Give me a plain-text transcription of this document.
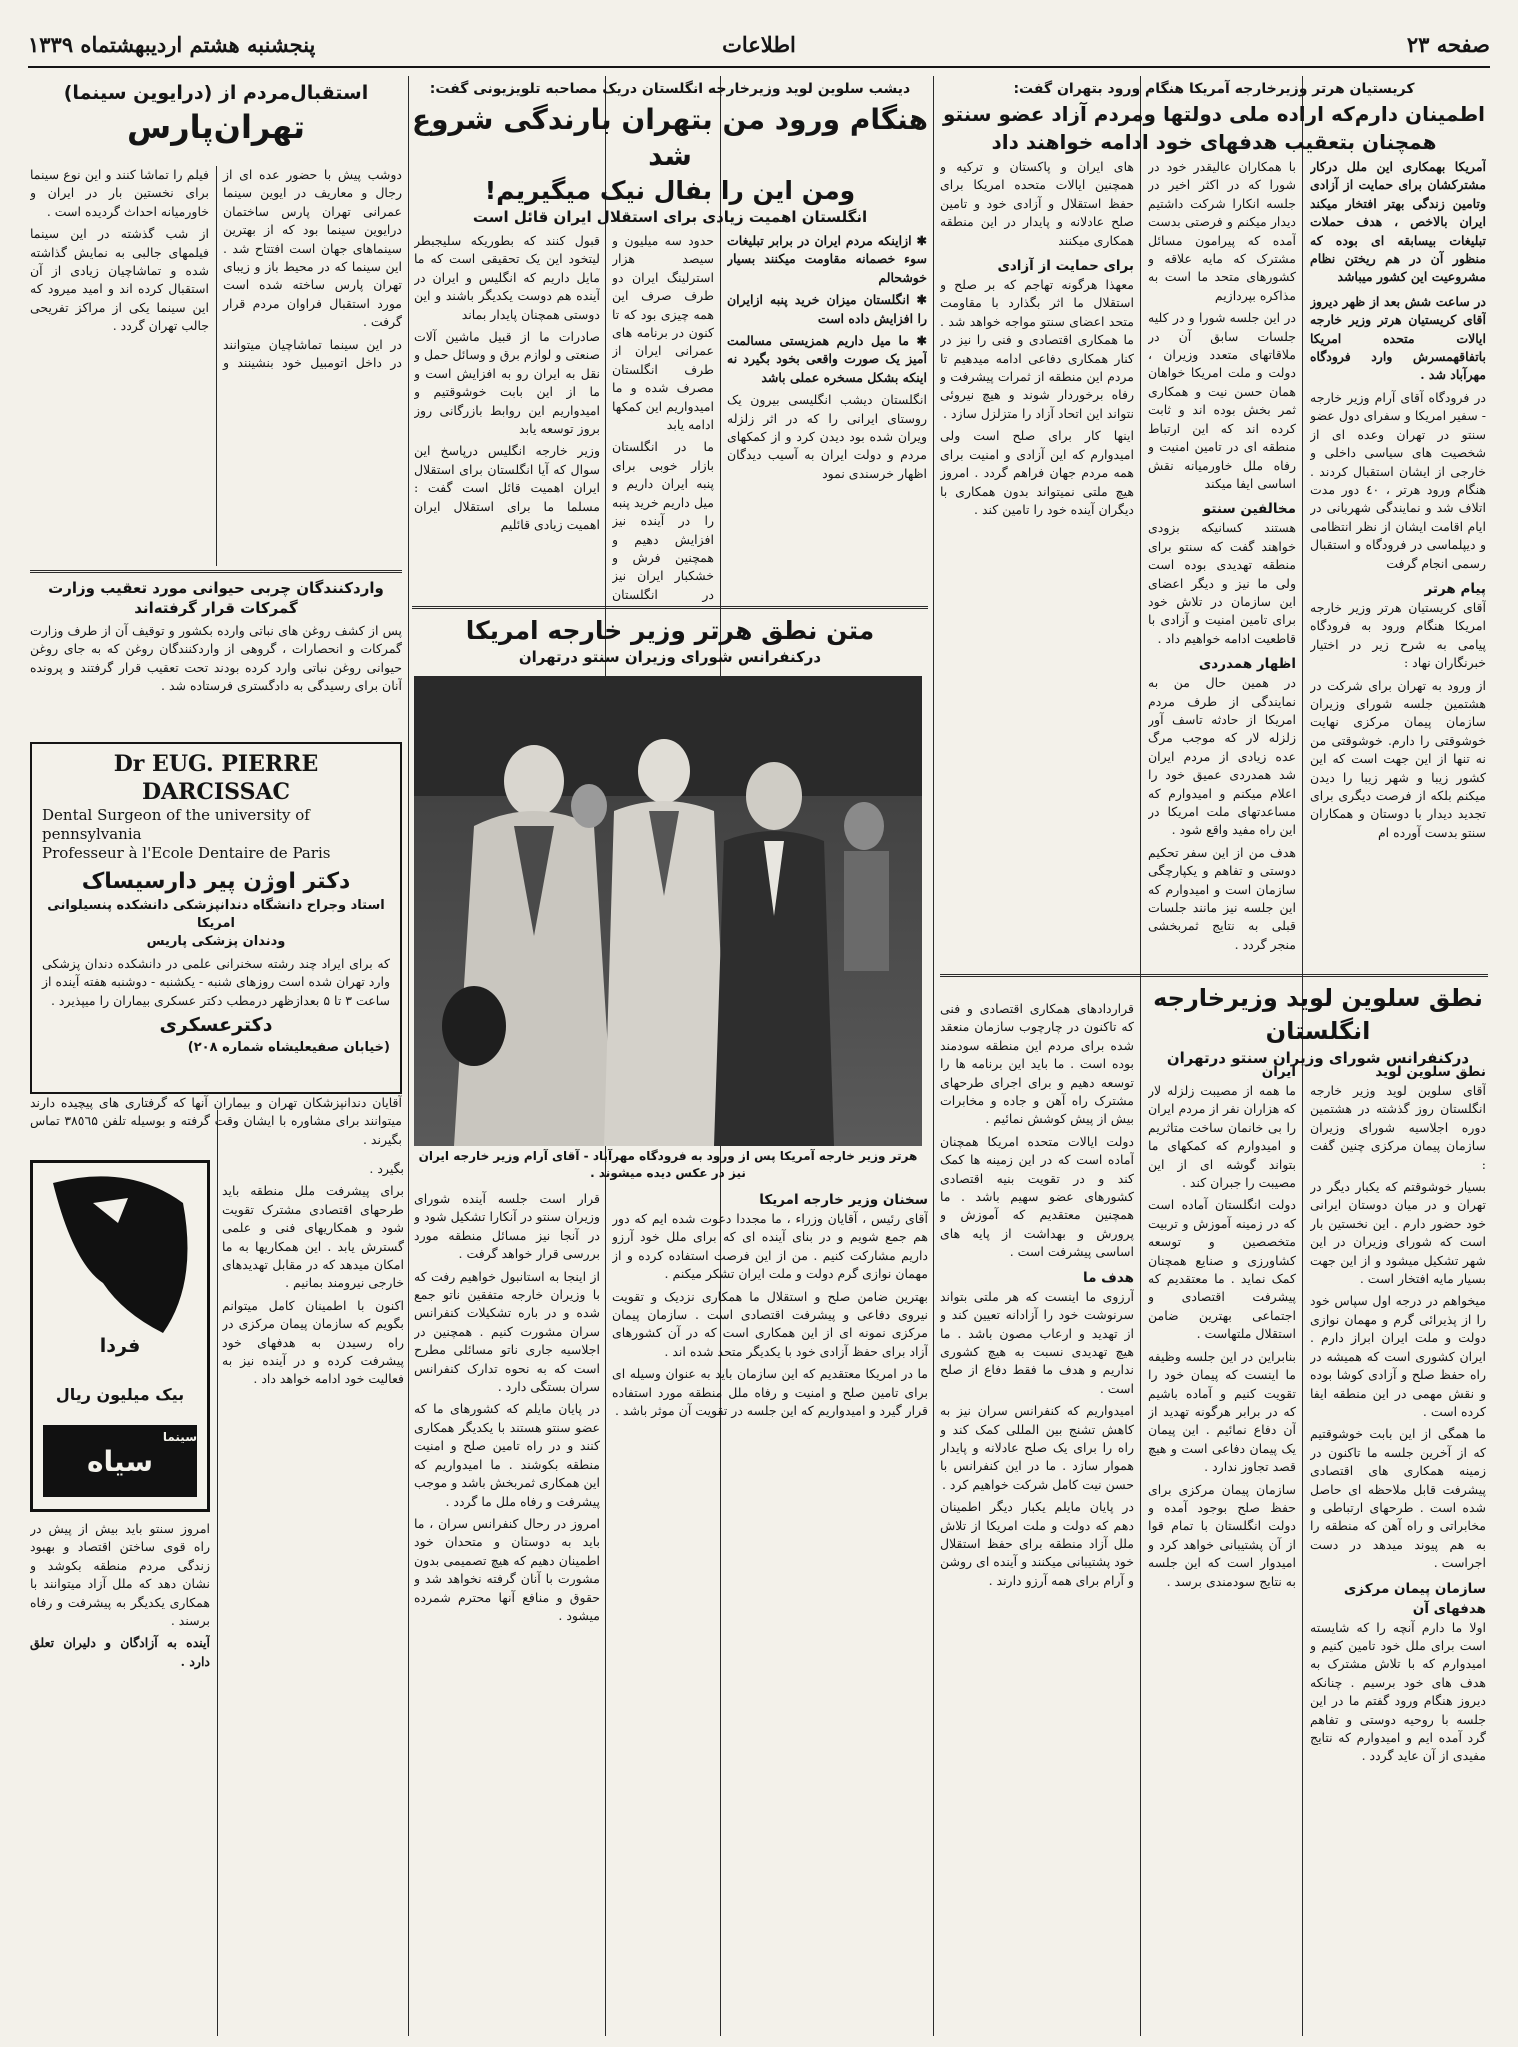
صفحه ۲۳
اطلاعات
پنجشنبه هشتم اردیبهشتماه ۱۳۳۹
کریستیان هرتر وزیرخارجه آمریکا هنگام ورود بتهران گفت:
اطمینان دارم‌که اراده ملی دولتها ومردم آزاد عضو سنتو همچنان بتعقیب هدفهای خود ادامه خواهند داد
آمریکا بهمکاری این ملل درکار مشترکشان برای حمایت از آزادی وتامین زندگی بهتر افتخار میکند ایران بالاخص ، هدف حملات تبلیغات بیسابقه ای بوده که منظور آن در هم ریختن نظام مشروعیت این کشور میباشد
در ساعت شش بعد از ظهر دیروز آقای کریستیان هرتر وزیر خارجه ایالات متحده امریکا باتفاقهمسرش وارد فرودگاه مهرآباد شد .
در فرودگاه آقای آرام وزیر خارجه - سفیر امریکا و سفرای دول عضو سنتو در تهران وعده ای از شخصیت های سیاسی داخلی و خارجی از ایشان استقبال کردند . هنگام ورود هرتر ، ٤٠ دور مدت اتلاف شد و نمایندگی شهربانی در ایام اقامت ایشان از نظر انتظامی و دیپلماسی در فرودگاه و استقبال رسمی انجام گرفت
پیام هرتر
آقای کریستیان هرتر وزیر خارجه امریکا هنگام ورود به فرودگاه پیامی به شرح زیر در اختیار خبرنگاران نهاد :
از ورود به تهران برای شرکت در هشتمین جلسه شورای وزیران سازمان پیمان مرکزی نهایت خوشوقتی را دارم. خوشوقتی من نه تنها از این جهت است که این کشور زیبا و شهر زیبا را دیدن میکنم بلکه از فرصت دیگری برای تجدید دیدار با دوستان و همکاران سنتو بدست آورده ام
با همکاران عالیقدر خود در شورا که در اکثر اخیر در جلسه انکارا شرکت داشتیم دیدار میکنم و فرصتی بدست آمده که پیرامون مسائل مشترک که مایه علاقه و کشورهای متحد ما است به مذاکره بپردازیم
در این جلسه شورا و در کلیه جلسات سابق آن در ملاقاتهای متعدد وزیران ، دولت و ملت امریکا خواهان همان حسن نیت و همکاری ثمر بخش بوده اند و ثابت کرده اند که این ارتباط منطقه ای در تامین امنیت و رفاه ملل خاورمیانه نقش اساسی ایفا میکند
مخالفین سنتو
هستند کسانیکه بزودی خواهند گفت که سنتو برای منطقه تهدیدی بوده است ولی ما نیز و دیگر اعضای این سازمان در تلاش خود برای تامین امنیت و آزادی با قاطعیت ادامه خواهیم داد .
اظهار همدردی
در همین حال من به نمایندگی از طرف مردم امریکا از حادثه تاسف آور زلزله لار که موجب مرگ عده زیادی از مردم ایران شد همدردی عمیق خود را اعلام میکنم و امیدوارم که مساعدتهای ملت امریکا در این راه مفید واقع شود .
هدف من از این سفر تحکیم دوستی و تفاهم و یکپارچگی سازمان است و امیدوارم که این جلسه نیز مانند جلسات قبلی به نتایج ثمربخشی منجر گردد .
های ایران و پاکستان و ترکیه و همچنین ایالات متحده امریکا برای حفظ استقلال و آزادی خود و تامین صلح عادلانه و پایدار در این منطقه همکاری میکنند
برای حمایت از آزادی
معهذا هرگونه تهاجم که بر صلح و استقلال ما اثر بگذارد با مقاومت متحد اعضای سنتو مواجه خواهد شد . ما همکاری اقتصادی و فنی را نیز در کنار همکاری دفاعی ادامه میدهیم تا مردم این منطقه از ثمرات پیشرفت و رفاه برخوردار شوند و هیچ نیروئی نتواند این اتحاد آزاد را متزلزل سازد .
اینها کار برای صلح است ولی امیدوارم که این آزادی و امنیت برای همه مردم جهان فراهم گردد . امروز هیچ ملتی نمیتواند بدون همکاری با دیگران آینده خود را تامین کند .
نطق سلوین لوید وزیرخارجه انگلستان
درکنفرانس شورای وزیران سنتو درتهران
نطق سلوین لوید
آقای سلوین لوید وزیر خارجه انگلستان روز گذشته در هشتمین دوره اجلاسیه شورای وزیران سازمان پیمان مرکزی چنین گفت :
بسیار خوشوقتم که یکبار دیگر در تهران و در میان دوستان ایرانی خود حضور دارم . این نخستین بار است که شورای وزیران در این شهر تشکیل میشود و از این جهت بسیار مایه افتخار است .
میخواهم در درجه اول سپاس خود را از پذیرائی گرم و مهمان نوازی دولت و ملت ایران ابراز دارم . ایران کشوری است که همیشه در راه حفظ صلح و آزادی کوشا بوده و نقش مهمی در این منطقه ایفا کرده است .
ما همگی از این بابت خوشوقتیم که از آخرین جلسه ما تاکنون در زمینه همکاری های اقتصادی پیشرفت قابل ملاحظه ای حاصل شده است . طرحهای ارتباطی و مخابراتی و راه آهن که منطقه را به هم پیوند میدهد در دست اجراست .
سازمان پیمان مرکزی
هدفهای آن
اولا ما دارم آنچه را که شایسته است برای ملل خود تامین کنیم و امیدوارم که با تلاش مشترک به هدف های خود برسیم . چنانکه دیروز هنگام ورود گفتم ما در این جلسه با روحیه دوستی و تفاهم گرد آمده ایم و امیدوارم که نتایج مفیدی از آن عاید گردد .
ایران
ما همه از مصیبت زلزله لار که هزاران نفر از مردم ایران را بی خانمان ساخت متاثریم و امیدوارم که کمکهای ما بتواند گوشه ای از این مصیبت را جبران کند .
دولت انگلستان آماده است که در زمینه آموزش و تربیت متخصصین و توسعه کشاورزی و صنایع همچنان کمک نماید . ما معتقدیم که پیشرفت اقتصادی و اجتماعی بهترین ضامن استقلال ملتهاست .
بنابراین در این جلسه وظیفه ما اینست که پیمان خود را تقویت کنیم و آماده باشیم که در برابر هرگونه تهدید از آن دفاع نمائیم . این پیمان یک پیمان دفاعی است و هیچ قصد تجاوز ندارد .
سازمان پیمان مرکزی برای حفظ صلح بوجود آمده و دولت انگلستان با تمام قوا از آن پشتیبانی خواهد کرد و امیدوار است که این جلسه به نتایج سودمندی برسد .
قراردادهای همکاری اقتصادی و فنی که تاکنون در چارچوب سازمان منعقد شده برای مردم این منطقه سودمند بوده است . ما باید این برنامه ها را توسعه دهیم و برای اجرای طرحهای مشترک راه آهن و جاده و مخابرات بیش از پیش کوشش نمائیم .
دولت ایالات متحده امریکا همچنان آماده است که در این زمینه ها کمک کند و در تقویت بنیه اقتصادی کشورهای عضو سهیم باشد . ما همچنین معتقدیم که آموزش و پرورش و بهداشت از پایه های اساسی پیشرفت است .
هدف ما
آرزوی ما اینست که هر ملتی بتواند سرنوشت خود را آزادانه تعیین کند و از تهدید و ارعاب مصون باشد . ما هیچ تهدیدی نسبت به هیچ کشوری نداریم و هدف ما فقط دفاع از صلح است .
امیدواریم که کنفرانس سران نیز به کاهش تشنج بین المللی کمک کند و راه را برای یک صلح عادلانه و پایدار هموار سازد . ما در این کنفرانس با حسن نیت کامل شرکت خواهیم کرد .
در پایان مایلم یکبار دیگر اطمینان دهم که دولت و ملت امریکا از تلاش ملل آزاد منطقه برای حفظ استقلال خود پشتیبانی میکنند و آینده ای روشن و آرام برای همه آرزو دارند .
دیشب سلوین لوید وزیرخارجه انگلستان دریک مصاحبه تلویزیونی گفت:
هنگام ورود من بتهران بارندگی شروع شد
ومن این را بفال نیک میگیریم!
انگلستان اهمیت زیادی برای استقلال ایران قائل است
✱ ازاینکه مردم ایران در برابر تبلیغات سوء خصمانه مقاومت میکنند بسیار خوشحالم
✱ انگلستان میزان خرید پنبه ازایران را افزایش داده است
✱ ما میل داریم همزیستی مسالمت آمیز یک صورت واقعی بخود بگیرد نه اینکه بشکل مسخره عملی باشد
انگلستان دیشب انگلیسی بیرون یک روستای ایرانی را که در اثر زلزله ویران شده بود دیدن کرد و از کمکهای مردم و دولت ایران به آسیب دیدگان اظهار خرسندی نمود
حدود سه میلیون و سیصد هزار استرلینگ ایران دو طرف صرف این همه چیزی بود که تا کنون در برنامه های عمرانی ایران از طرف انگلستان مصرف شده و ما امیدواریم این کمکها ادامه یابد
ما در انگلستان بازار خوبی برای پنبه ایران داریم و میل داریم خرید پنبه را در آینده نیز افزایش دهیم و همچنین فرش و خشکبار ایران نیز در انگلستان
قبول کنند که بطوریکه سلیجبطر لیتخود این یک تحقیقی است که ما مایل داریم که انگلیس و ایران در آینده هم دوست یکدیگر باشند و این دوستی همچنان پایدار بماند
صادرات ما از قبیل ماشین آلات صنعتی و لوازم برق و وسائل حمل و نقل به ایران رو به افزایش است و ما از این بابت خوشوقتیم و امیدواریم این روابط بازرگانی روز بروز توسعه یابد
وزیر خارجه انگلیس درپاسخ این سوال که آیا انگلستان برای استقلال ایران اهمیت قائل است گفت : مسلما ما برای استقلال ایران اهمیت زیادی قائلیم
متن نطق هرتر وزیر خارجه امریکا
درکنفرانس شورای وزیران سنتو درتهران
هرتر وزیر خارجه آمریکا پس از ورود به فرودگاه مهرآباد - آقای آرام وزیر خارجه ایران نیز در عکس دیده میشوند .
سخنان وزیر خارجه امریکا
آقای رئیس ، آقایان وزراء ، ما مجددا دعوت شده ایم که دور هم جمع شویم و در بنای آینده ای که برای ملل خود آرزو داریم مشارکت کنیم . من از این فرصت استفاده کرده و از مهمان نوازی گرم دولت و ملت ایران تشکر میکنم .
بهترین ضامن صلح و استقلال ما همکاری نزدیک و تقویت نیروی دفاعی و پیشرفت اقتصادی است . سازمان پیمان مرکزی نمونه ای از این همکاری است که در آن کشورهای آزاد برای حفظ آزادی خود با یکدیگر متحد شده اند .
ما در امریکا معتقدیم که این سازمان باید به عنوان وسیله ای برای تامین صلح و امنیت و رفاه ملل منطقه مورد استفاده قرار گیرد و امیدواریم که این جلسه در تقویت آن موثر باشد .
قرار است جلسه آینده شورای وزیران سنتو در آنکارا تشکیل شود و در آنجا نیز مسائل منطقه مورد بررسی قرار خواهد گرفت .
از اینجا به استانبول خواهیم رفت که با وزیران خارجه متفقین ناتو جمع شده و در باره تشکیلات کنفرانس سران مشورت کنیم . همچنین در اجلاسیه جاری ناتو مسائلی مطرح است که به نحوه تدارک کنفرانس سران بستگی دارد .
در پایان مایلم که کشورهای ما که عضو سنتو هستند با یکدیگر همکاری کنند و در راه تامین صلح و امنیت منطقه بکوشند . ما امیدواریم که این همکاری ثمربخش باشد و موجب پیشرفت و رفاه ملل ما گردد .
امروز در رحال کنفرانس سران ، ما باید به دوستان و متحدان خود اطمینان دهیم که هیچ تصمیمی بدون مشورت با آنان گرفته نخواهد شد و حقوق و منافع آنها محترم شمرده میشود .
استقبال‌مردم از (درایوین سینما)
تهران‌پارس
دوشب پیش با حضور عده ای از رجال و معاریف در ایوین سینما عمرانی تهران پارس ساختمان درایوین سینما بود که از بهترین سینماهای جهان است افتتاح شد . این سینما که در محیط باز و زیبای تهران پارس ساخته شده است مورد استقبال فراوان مردم قرار گرفت .
در این سینما تماشاچیان میتوانند در داخل اتومبیل خود بنشینند و فیلم را تماشا کنند و این نوع سینما برای نخستین بار در ایران و خاورمیانه احداث گردیده است .
از شب گذشته در این سینما فیلمهای جالبی به نمایش گذاشته شده و تماشاچیان زیادی از آن استقبال کرده اند و امید میرود که این سینما یکی از مراکز تفریحی جالب تهران گردد .
واردکنندگان چربی حیوانی مورد تعقیب وزارت گمرکات قرار گرفته‌اند
پس از کشف روغن های نباتی وارده بکشور و توقیف آن از طرف وزارت گمرکات و انحصارات ، گروهی از واردکنندگان روغن که به جای روغن حیوانی روغن نباتی وارد کرده بودند تحت تعقیب قرار گرفتند و پرونده آنان برای رسیدگی به دادگستری فرستاده شد .
Dr EUG. PIERRE DARCISSAC
Dental Surgeon of the university of pennsylvania
Professeur à l'Ecole Dentaire de Paris
دکتر اوژن پیر دارسیساک
استاد وجراح دانشگاه دندانپزشکی دانشکده پنسیلوانی امریکا
ودندان پزشکی پاریس
که برای ایراد چند رشته سخنرانی علمی در دانشکده دندان پزشکی وارد تهران شده است روزهای شنبه - یکشنبه - دوشنبه هفته آینده از ساعت ۳ تا ۵ بعدازظهر درمطب دکتر عسکری بیماران را میپذیرد .
دکترعسکری
(خیابان صفیعلیشاه شماره ۲۰۸)
آقایان دندانپزشکان تهران و بیماران آنها که گرفتاری های پیچیده دارند میتوانند برای مشاوره با ایشان وقت گرفته و بوسیله تلفن ۳۸٥٦۵ تماس بگیرند .
فردا
بیک میلیون ریال
سیاه
سینما
بگیرد .
برای پیشرفت ملل منطقه باید طرحهای اقتصادی مشترک تقویت شود و همکاریهای فنی و علمی گسترش یابد . این همکاریها به ما امکان میدهد که در مقابل تهدیدهای خارجی نیرومند بمانیم .
اکنون با اطمینان کامل میتوانم بگویم که سازمان پیمان مرکزی در راه رسیدن به هدفهای خود پیشرفت کرده و در آینده نیز به فعالیت خود ادامه خواهد داد .
امروز سنتو باید بیش از پیش در راه قوی ساختن اقتصاد و بهبود زندگی مردم منطقه بکوشد و نشان دهد که ملل آزاد میتوانند با همکاری یکدیگر به پیشرفت و رفاه برسند .
آینده به آزادگان و دلیران تعلق دارد .
